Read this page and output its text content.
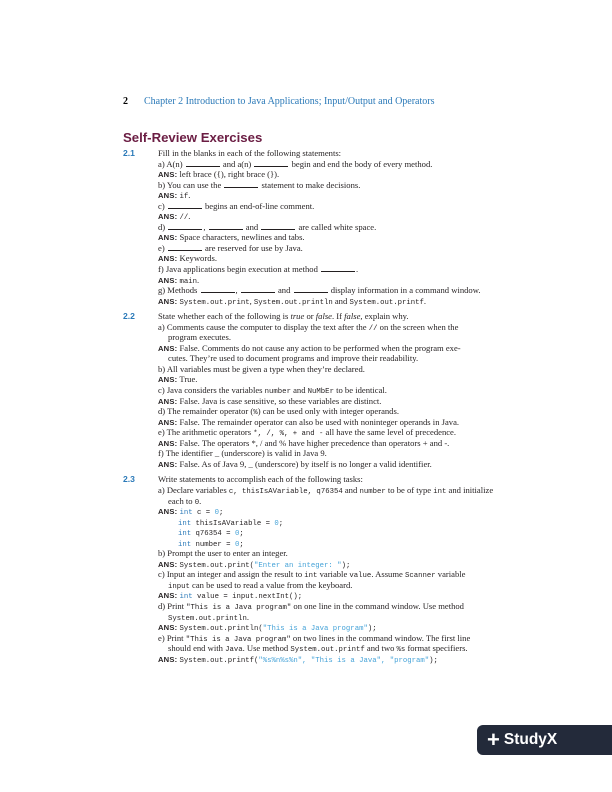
2 Chapter 2 Introduction to Java Applications; Input/Output and Operators
Self-Review Exercises
2.1	Fill in the blanks in each of the following statements:
a) A(n)	and a(n)	begin and end the body of every method.
ANS: left brace ({), right brace (}).
b) You can use the	statement to make decisions.
ANS: if.
c)	begins an end-of-line comment.
ANS: //.
d)	,	and	are called white space.
ANS: Space characters, newlines and tabs.
e)	are reserved for use by Java.
ANS: Keywords.
f) Java applications begin execution at method	.
ANS: main.
g) Methods	,	and	display information in a command window.
ANS: System.out.print, System.out.println and System.out.printf.
2.2	State whether each of the following is true or false. If false, explain why.
a) Comments cause the computer to display the text after the // on the screen when the
program executes.
ANS: False. Comments do not cause any action to be performed when the program exe-
cutes. They’re used to document programs and improve their readability.
b) All variables must be given a type when they’re declared.
ANS: True.
c) Java considers the variables number and NuMbEr to be identical.
ANS: False. Java is case sensitive, so these variables are distinct.
d) The remainder operator (%) can be used only with integer operands.
ANS: False. The remainder operator can also be used with noninteger operands in Java.
e) The arithmetic operators *, /, %, + and - all have the same level of precedence.
ANS: False. The operators *, / and % have higher precedence than operators + and -.
f) The identifier _ (underscore) is valid in Java 9.
ANS: False. As of Java 9, _ (underscore) by itself is no longer a valid identifier.
2.3	Write statements to accomplish each of the following tasks:
a) Declare variables c, thisIsAVariable, q76354 and number to be of type int and initialize
each to 0.
ANS: int c = 0;
int thisIsAVariable = 0;
int q76354 = 0;
int number = 0;
b) Prompt the user to enter an integer.
ANS: System.out.print("Enter an integer: ");
c) Input an integer and assign the result to int variable value. Assume Scanner variable
input can be used to read a value from the keyboard.
ANS: int value = input.nextInt();
d) Print "This is a Java program" on one line in the command window. Use method
System.out.println.
ANS: System.out.println("This is a Java program");
e) Print "This is a Java program" on two lines in the command window. The first line
should end with Java. Use method System.out.printf and two %s format specifiers.
ANS: System.out.printf("%s%n%s%n", "This is a Java", "program");
+ StudyX
